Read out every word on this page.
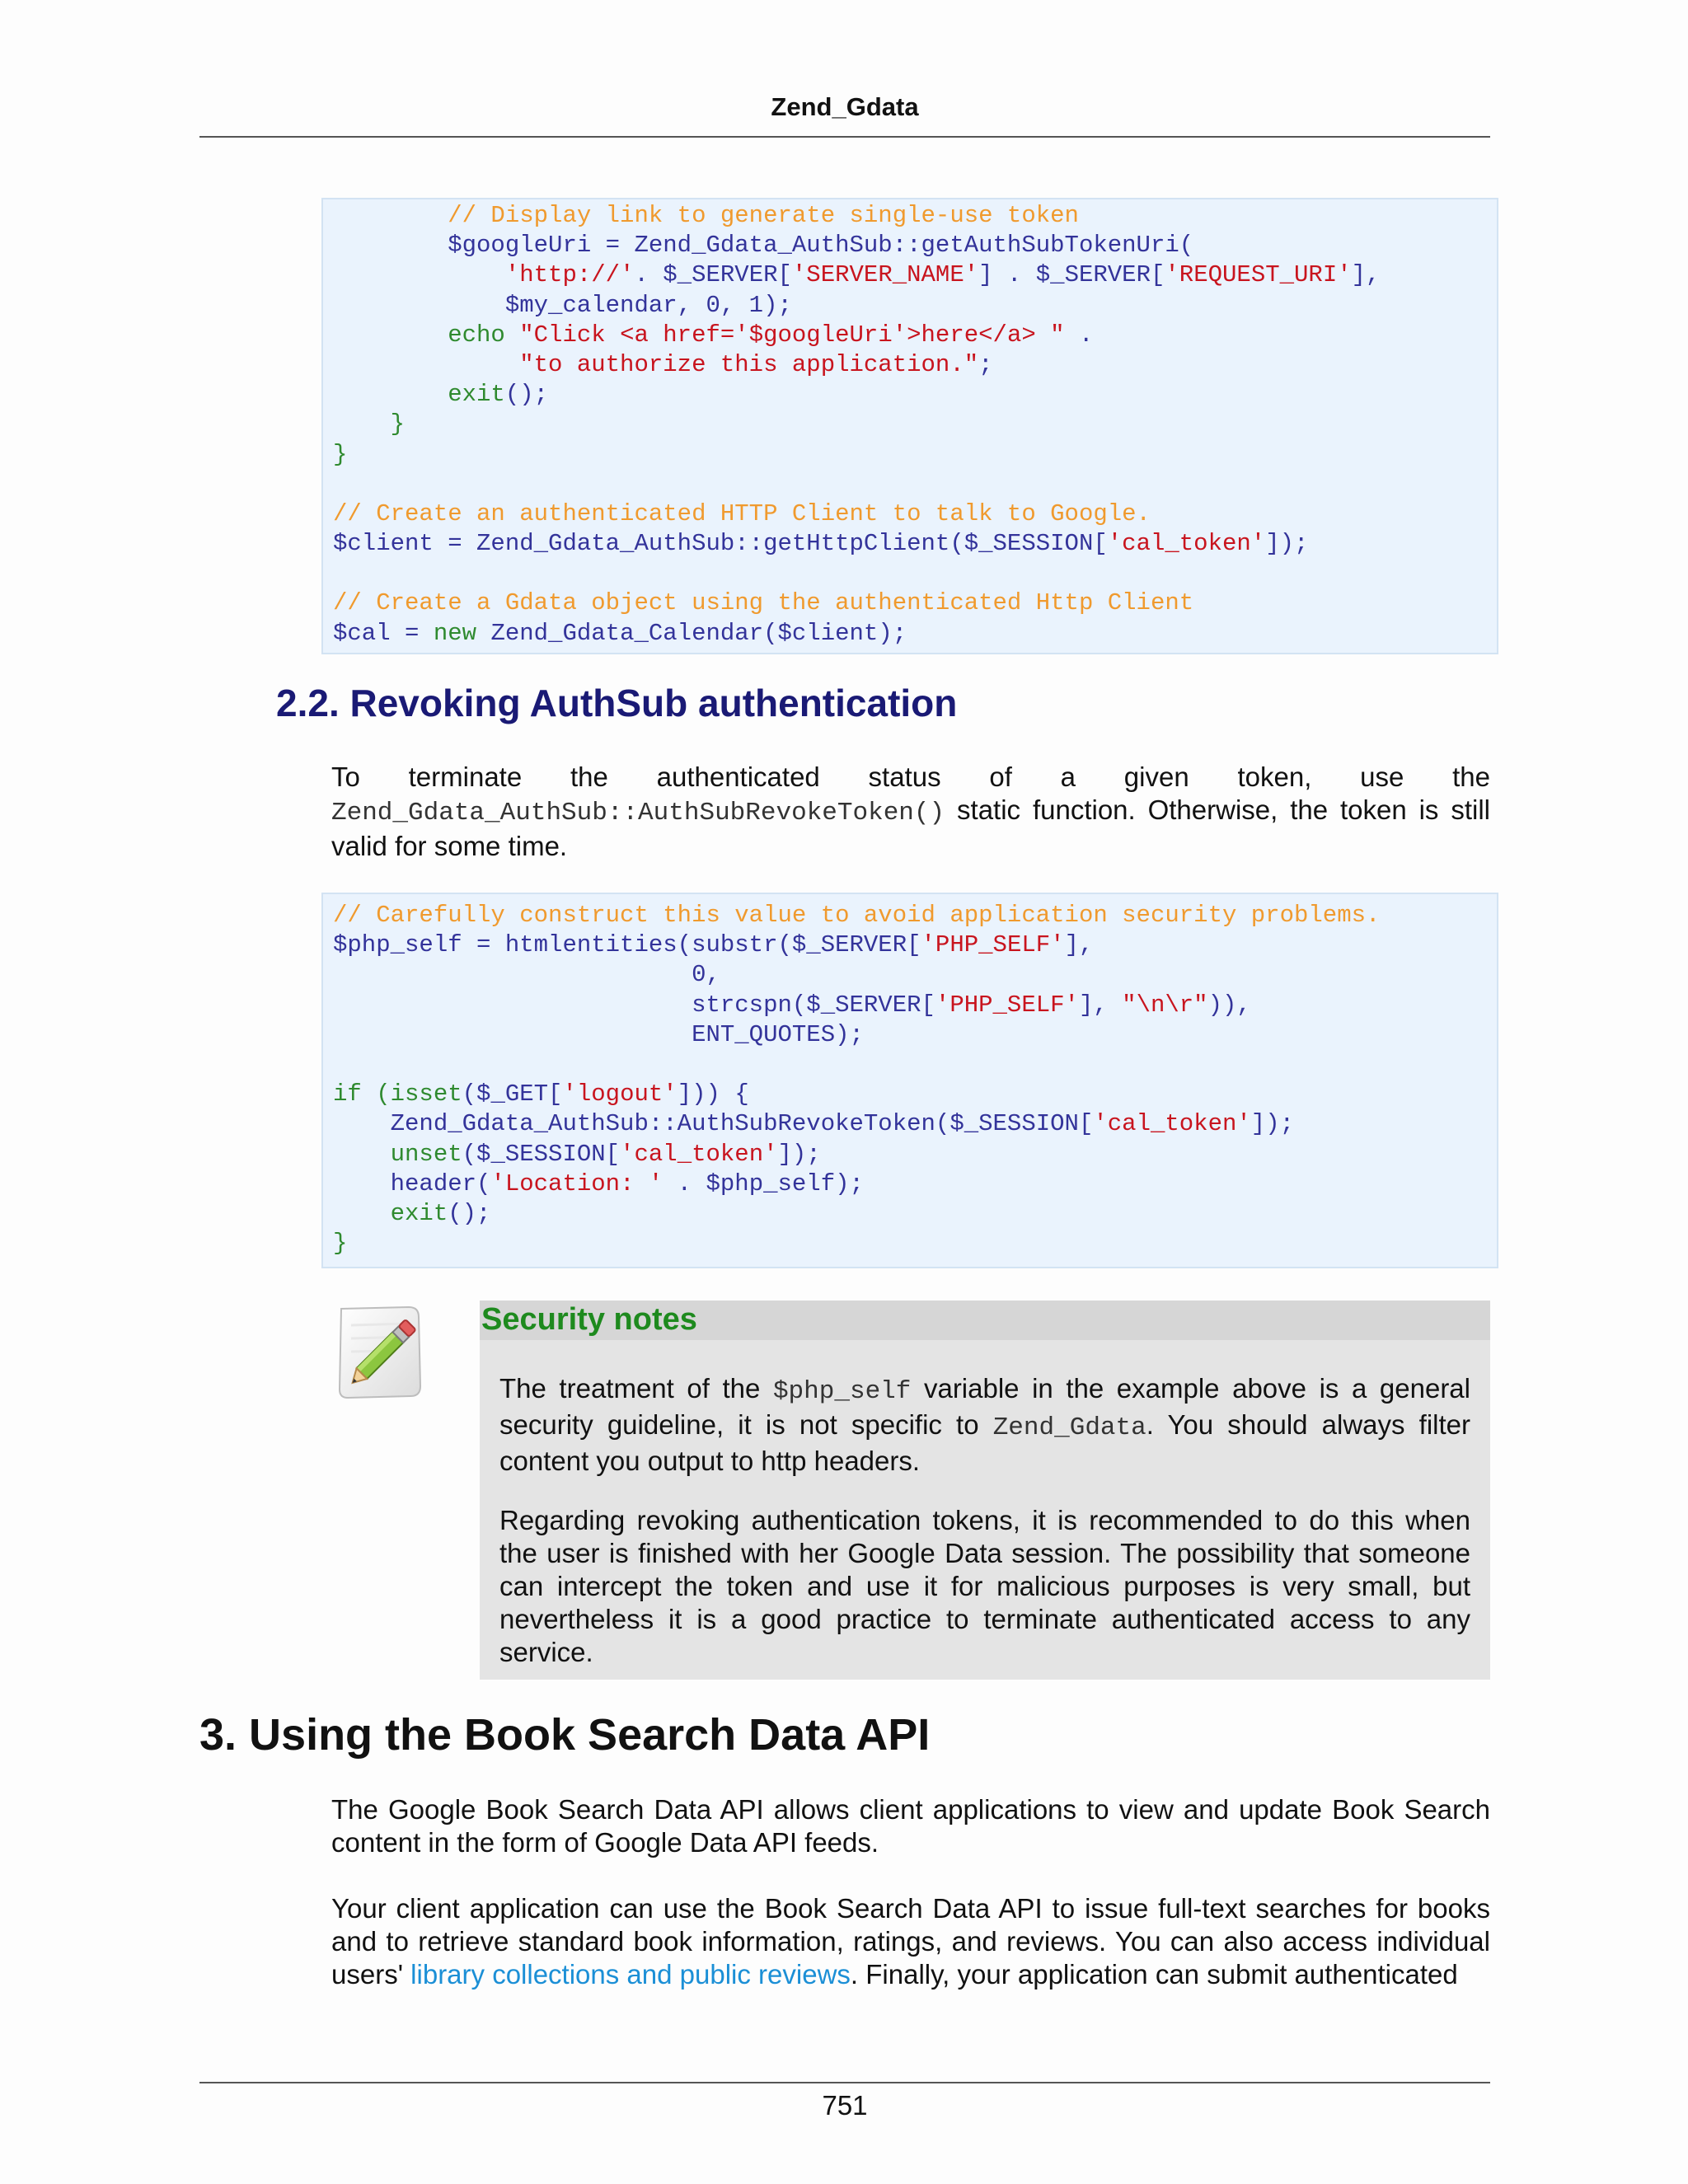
Zend_Gdata
// Display link to generate single-use token
$googleUri = Zend_Gdata_AuthSub::getAuthSubTokenUri(
'http://'. $_SERVER['SERVER_NAME'] . $_SERVER['REQUEST_URI'],
$my_calendar, 0, 1);
echo "Click <a href='$googleUri'>here</a> " .
"to authorize this application.";
exit();
}
}
// Create an authenticated HTTP Client to talk to Google.
$client = Zend_Gdata_AuthSub::getHttpClient($_SESSION['cal_token']);
// Create a Gdata object using the authenticated Http Client
$cal = new Zend_Gdata_Calendar($client);
2.2. Revoking AuthSub authentication
To terminate the authenticated status of a given token, use the Zend_Gdata_AuthSub::AuthSubRevokeToken() static function. Otherwise, the token is still valid for some time.
// Carefully construct this value to avoid application security problems.
$php_self = htmlentities(substr($_SERVER['PHP_SELF'],
0,
strcspn($_SERVER['PHP_SELF'], "\n\r")),
ENT_QUOTES);
if (isset($_GET['logout'])) {
Zend_Gdata_AuthSub::AuthSubRevokeToken($_SESSION['cal_token']);
unset($_SESSION['cal_token']);
header('Location: ' . $php_self);
exit();
}
Security notes
The treatment of the $php_self variable in the example above is a general security guideline, it is not specific to Zend_Gdata. You should always filter content you output to http headers.
Regarding revoking authentication tokens, it is recommended to do this when the user is finished with her Google Data session. The possibility that someone can intercept the token and use it for malicious purposes is very small, but nevertheless it is a good practice to terminate authenticated access to any service.
3. Using the Book Search Data API
The Google Book Search Data API allows client applications to view and update Book Search content in the form of Google Data API feeds.
Your client application can use the Book Search Data API to issue full-text searches for books and to retrieve standard book information, ratings, and reviews. You can also access individual users' library collections and public reviews. Finally, your application can submit authenticated
751
